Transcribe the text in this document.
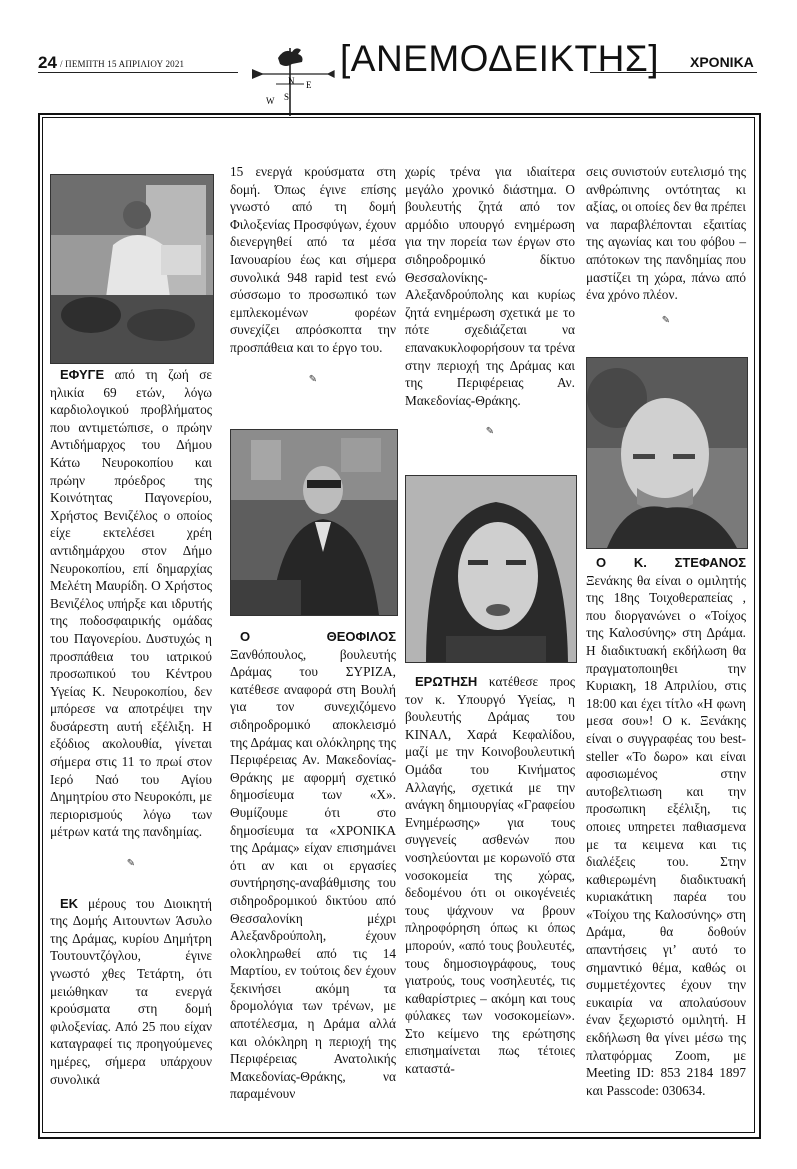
24 / ΠΕΜΠΤΗ 15 ΑΠΡΙΛΙΟΥ 2021
N E
S
W
[ΑΝΕΜΟΔΕΙΚΤΗΣ] ΧΡΟΝΙΚΑ

ΕΦΥΓΕ από τη ζωή σε ηλικία 69 ετών, λόγω καρδιολογικού προβλήματος που αντιμετώπισε, ο πρώην Αντιδήμαρχος του Δήμου Κάτω Νευροκοπίου και πρώην πρόεδρος της Κοινότητας Παγονερίου, Χρήστος Βενιζέλος ο οποίος είχε εκτελέσει χρέη αντιδημάρχου στον Δήμο Νευροκοπίου, επί δημαρχίας Μελέτη Μαυρίδη. Ο Χρήστος Βενιζέλος υπήρξε και ιδρυτής της ποδοσφαιρικής ομάδας του Παγονερίου. Δυστυχώς η προσπάθεια του ιατρικού προσωπικού του Κέντρου Υγείας Κ. Νευροκοπίου, δεν μπόρεσε να αποτρέψει την δυσάρεστη αυτή εξέλιξη. Η εξόδιος ακολουθία, γίνεται σήμερα στις 11 το πρωί στον Ιερό Ναό του Αγίου Δημητρίου στο Νευροκόπι, με περιορισμούς λόγω των μέτρων κατά της πανδημίας.

✎

ΕΚ μέρους του Διοικητή της Δομής Αιτουντων Άσυλο της Δράμας, κυρίου Δημήτρη Τουτουντζόγλου, έγινε γνωστό χθες Τετάρτη, ότι μειώθηκαν τα ενεργά κρούσματα στη δομή φιλοξενίας. Από 25 που είχαν καταγραφεί τις προηγούμενες ημέρες, σήμερα υπάρχουν συνολικά

15 ενεργά κρούσματα στη δομή. Όπως έγινε επίσης γνωστό από τη δομή Φιλοξενίας Προσφύγων, έχουν διενεργηθεί από τα μέσα Ιανουαρίου έως και σήμερα συνολικά 948 rapid test ενώ σύσσωμο το προσωπικό των εμπλεκομένων φορέων συνεχίζει απρόσκοπτα την προσπάθεια και το έργο του.

✎

Ο ΘΕΟΦΙΛΟΣ Ξανθόπουλος, βουλευτής Δράμας του ΣΥΡΙΖΑ, κατέθεσε αναφορά στη Βουλή για τον συνεχιζόμενο σιδηροδρομικό αποκλεισμό της Δράμας και ολόκληρης της Περιφέρειας Αν. Μακεδονίας-Θράκης με αφορμή σχετικό δημοσίευμα των «Χ». Θυμίζουμε ότι στο δημοσίευμα τα «ΧΡΟΝΙΚΑ της Δράμας» είχαν επισημάνει ότι αν και οι εργασίες συντήρησης-αναβάθμισης του σιδηροδρομικού δικτύου από Θεσσαλονίκη μέχρι Αλεξανδρούπολη, έχουν ολοκληρωθεί από τις 14 Μαρτίου, εν τούτοις δεν έχουν ξεκινήσει ακόμη τα δρομολόγια των τρένων, με αποτέλεσμα, η Δράμα αλλά και ολόκληρη η περιοχή της Περιφέρειας Ανατολικής Μακεδονίας-Θράκης, να παραμένουν

χωρίς τρένα για ιδιαίτερα μεγάλο χρονικό διάστημα. Ο βουλευτής ζητά από τον αρμόδιο υπουργό ενημέρωση για την πορεία των έργων στο σιδηροδρομικό δίκτυο Θεσσαλονίκης-Αλεξανδρούπολης και κυρίως ζητά ενημέρωση σχετικά με το πότε σχεδιάζεται να επανακυκλοφορήσουν τα τρένα στην περιοχή της Δράμας και της Περιφέρειας Αν. Μακεδονίας-Θράκης.

✎

ΕΡΩΤΗΣΗ κατέθεσε προς τον κ. Υπουργό Υγείας, η βουλευτής Δράμας του ΚΙΝΑΛ, Χαρά Κεφαλίδου, μαζί με την Κοινοβουλευτική Ομάδα του Κινήματος Αλλαγής, σχετικά με την ανάγκη δημιουργίας «Γραφείου Ενημέρωσης» για τους συγγενείς ασθενών που νοσηλεύονται με κορωνοϊό στα νοσοκομεία της χώρας, δεδομένου ότι οι οικογένειές τους ψάχνουν να βρουν πληροφόρηση όπως κι όπως μπορούν, «από τους βουλευτές, τους δημοσιογράφους, τους γιατρούς, τους νοσηλευτές, τις καθαρίστριες – ακόμη και τους φύλακες των νοσοκομείων». Στο κείμενο της ερώτησης επισημαίνεται πως τέτοιες καταστά-

σεις συνιστούν ευτελισμό της ανθρώπινης οντότητας κι αξίας, οι οποίες δεν θα πρέπει να παραβλέπονται εξαιτίας της αγωνίας και του φόβου – απότοκων της πανδημίας που μαστίζει τη χώρα, πάνω από ένα χρόνο πλέον.

✎

Ο Κ. ΣΤΕΦΑΝΟΣ Ξενάκης θα είναι ο ομιλητής της 18ης Τοιχοθεραπείας , που διοργανώνει ο «Τοίχος της Καλοσύνης» στη Δράμα. Η διαδικτυακή εκδήλωση θα πραγματοποιηθει την Κυριακη, 18 Απριλίου, στις 18:00 και έχει τίτλο «Η φωνη μεσα σου»! Ο κ. Ξενάκης είναι ο συγγραφέας του best-steller «Το δωρο» και είναι αφοσιωμένος στην αυτοβελτιωση και την προσωπικη εξέλιξη, τις οποιες υπηρετει παθιασμενα με τα κειμενα και τις διαλέξεις του. Στην καθιερωμένη διαδικτυακή κυριακάτικη παρέα του «Τοίχου της Καλοσύνης» στη Δράμα, θα δοθούν απαντήσεις γι’ αυτό το σημαντικό θέμα, καθώς οι συμμετέχοντες έχουν την ευκαιρία να απολαύσουν έναν ξεχωριστό ομιλητή. Η εκδήλωση θα γίνει μέσω της πλατφόρμας Zoom, με Meeting ID: 853 2184 1897 και Passcode: 030634.
